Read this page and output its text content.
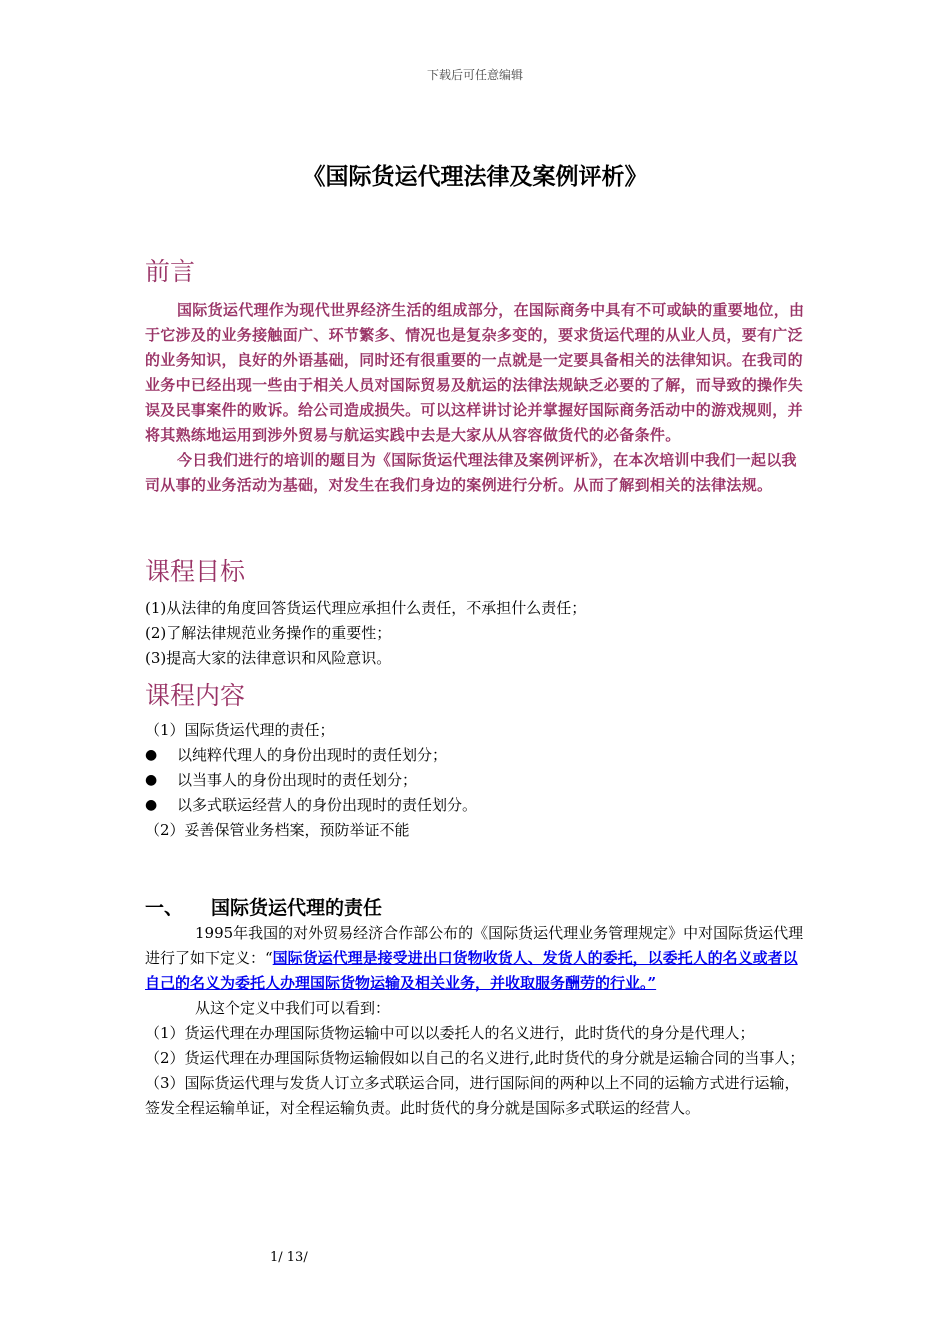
下载后可任意编辑
《国际货运代理法律及案例评析》
前言

国际货运代理作为现代世界经济生活的组成部分，在国际商务中具有不可或缺的重要地位，由于它涉及的业务接触面广、环节繁多、情况也是复杂多变的，要求货运代理的从业人员，要有广泛的业务知识，良好的外语基础，同时还有很重要的一点就是一定要具备相关的法律知识。在我司的业务中已经出现一些由于相关人员对国际贸易及航运的法律法规缺乏必要的了解，而导致的操作失误及民事案件的败诉。给公司造成损失。可以这样讲讨论并掌握好国际商务活动中的游戏规则，并将其熟练地运用到涉外贸易与航运实践中去是大家从从容容做货代的必备条件。

今日我们进行的培训的题目为《国际货运代理法律及案例评析》，在本次培训中我们一起以我司从事的业务活动为基础，对发生在我们身边的案例进行分析。从而了解到相关的法律法规。

课程目标

(1)从法律的角度回答货运代理应承担什么责任，不承担什么责任；

(2)了解法律规范业务操作的重要性；

(3)提高大家的法律意识和风险意识。

课程内容

（1）国际货运代理的责任；

●	以纯粹代理人的身份出现时的责任划分；
●	以当事人的身份出现时的责任划分；
●	以多式联运经营人的身份出现时的责任划分。

（2）妥善保管业务档案，预防举证不能

一、 国际货运代理的责任

1995年我国的对外贸易经济合作部公布的《国际货运代理业务管理规定》中对国际货运代理进行了如下定义：“国际货运代理是接受进出口货物收货人、发货人的委托，以委托人的名义或者以自己的名义为委托人办理国际货物运输及相关业务，并收取服务酬劳的行业。”

从这个定义中我们可以看到：

（1）货运代理在办理国际货物运输中可以以委托人的名义进行，此时货代的身分是代理人；

（2）货运代理在办理国际货物运输假如以自己的名义进行,此时货代的身分就是运输合同的当事人；

（3）国际货运代理与发货人订立多式联运合同，进行国际间的两种以上不同的运输方式进行运输，签发全程运输单证，对全程运输负责。此时货代的身分就是国际多式联运的经营人。

1/ 13/
